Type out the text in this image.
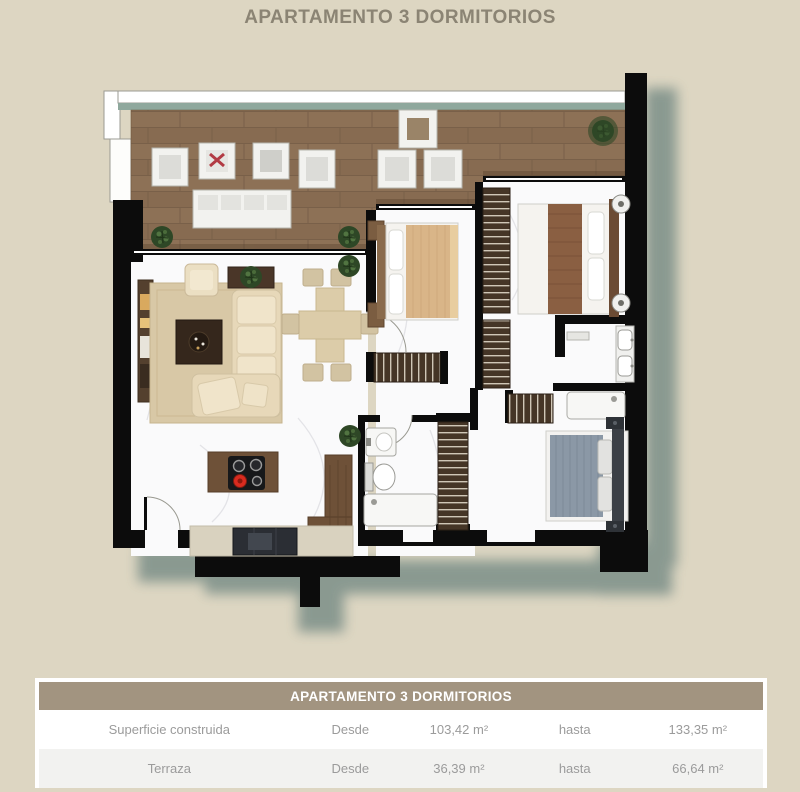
APARTAMENTO 3 DORMITORIOS
APARTAMENTO 3 DORMITORIOS
Superficie construida	Desde	103,42 m²	hasta	133,35 m²
Terraza	Desde	36,39 m²	hasta	66,64 m²
